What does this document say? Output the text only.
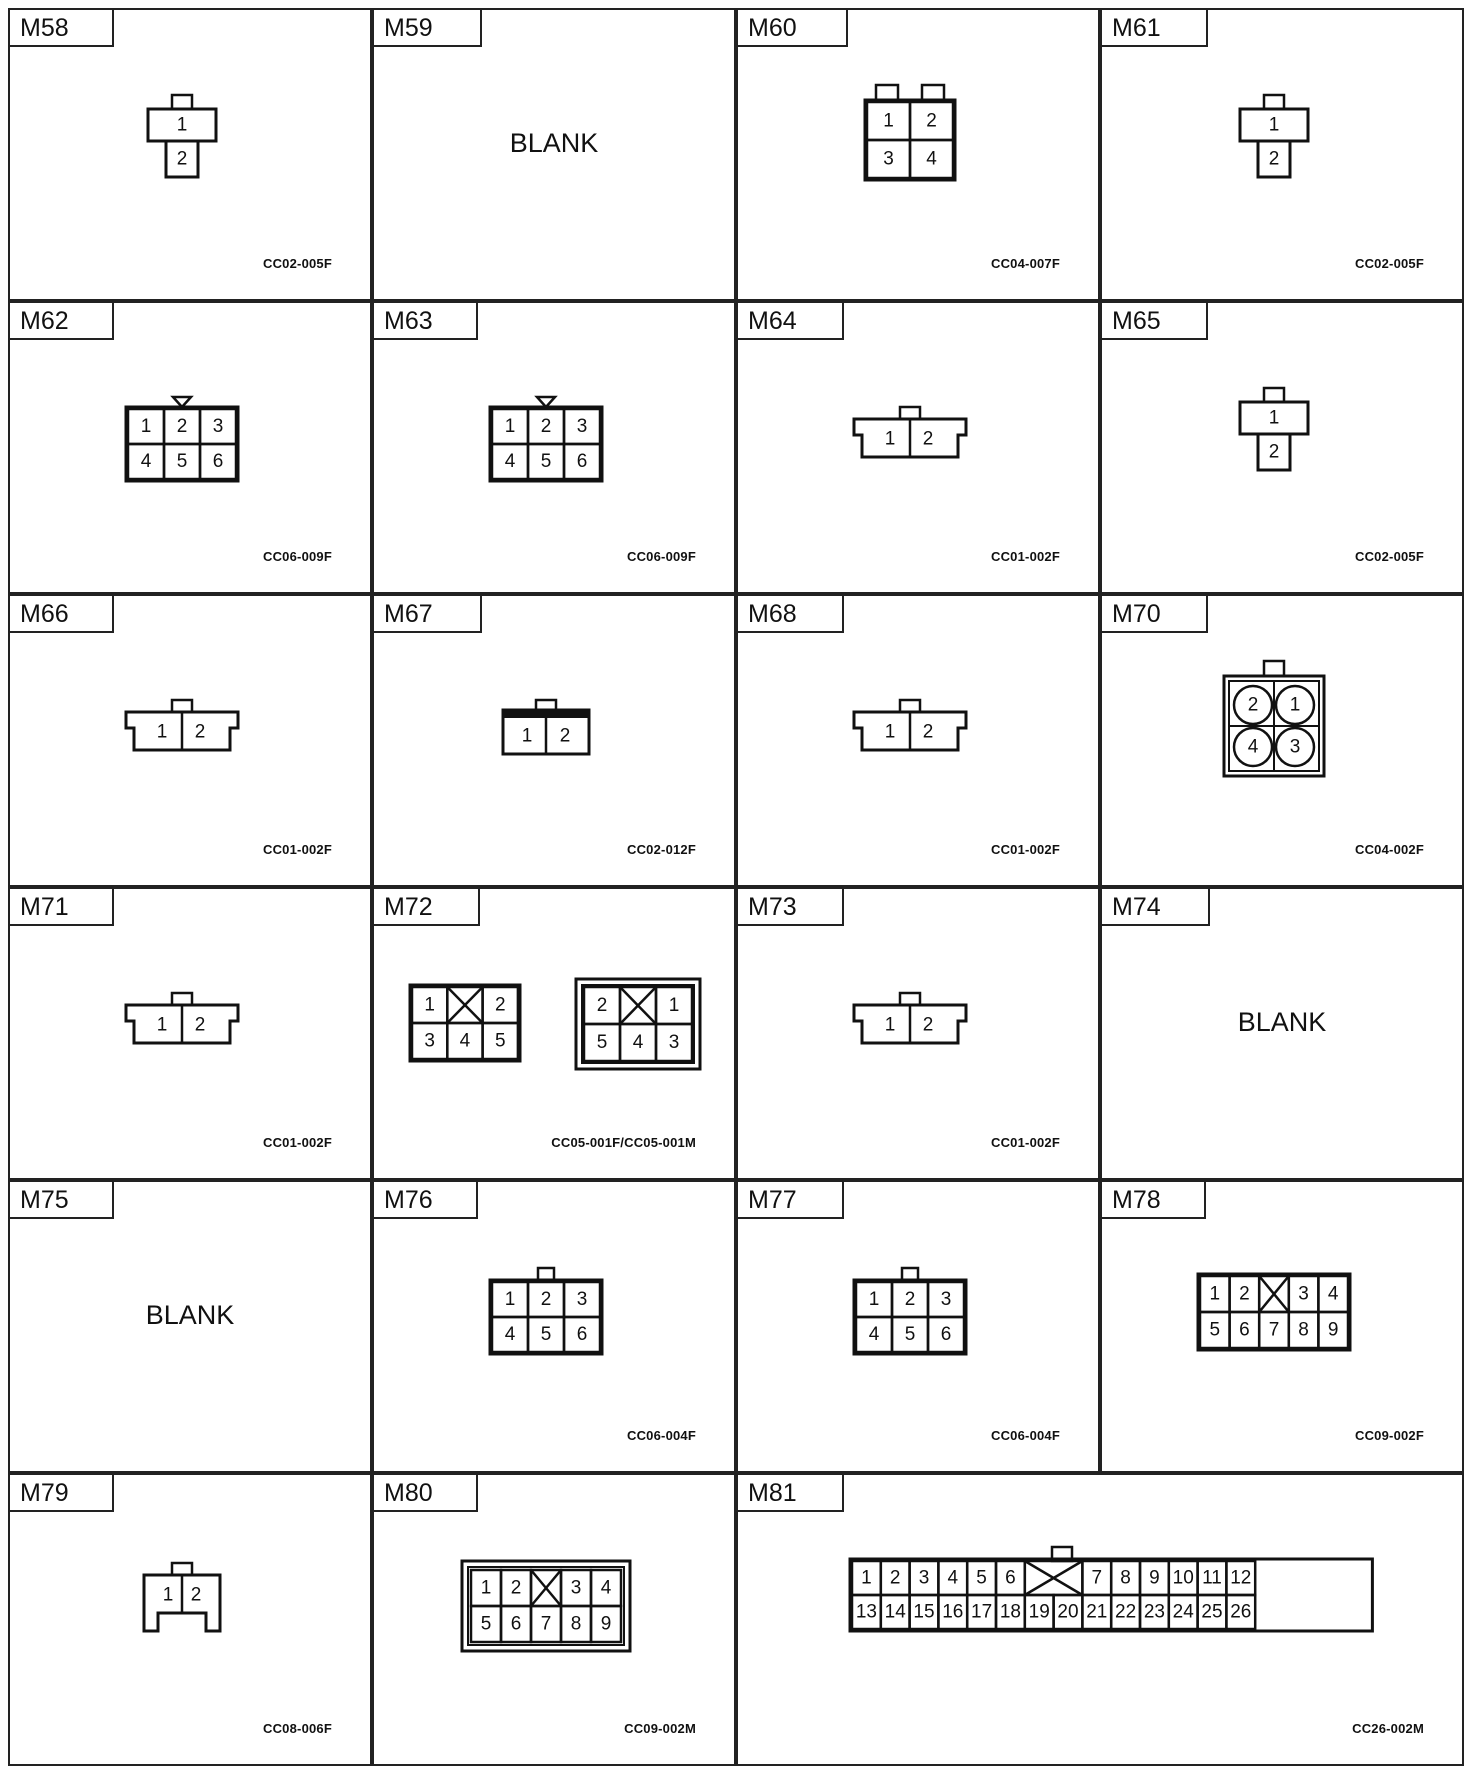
M58
CC02-005F
1
2
M59
BLANK
M60
CC04-007F
1 2
3 4
M61
CC02-005F
1
2
M62
CC06-009F
1 2 3
4 5 6
M63
CC06-009F
1 2 3
4 5 6
M64
CC01-002F
1 2
M65
CC02-005F
1
2
M66
CC01-002F
1 2
M67
CC02-012F
1 2
M68
CC01-002F
1 2
M70
CC04-002F
2 1
4 3
M71
CC01-002F
1 2
M72
CC05-001F/CC05-001M
1	2
3 4 5
2	1
5 4 3
M73
CC01-002F
1 2
M74
BLANK
M75
BLANK
M76
CC06-004F
1 2 3
4 5 6
M77
CC06-004F
1 2 3
4 5 6
M78
CC09-002F
1 2	3 4
5 6 7 8 9
M79
CC08-006F
1 2
M80
CC09-002M
1 2	3 4
5 6 7 8 9
M81
CC26-002M
1 2 3 4 5 6	7 8 9 10 11 12
13 14 15 16 17 18 19 20 21 22 23 24 25 26
